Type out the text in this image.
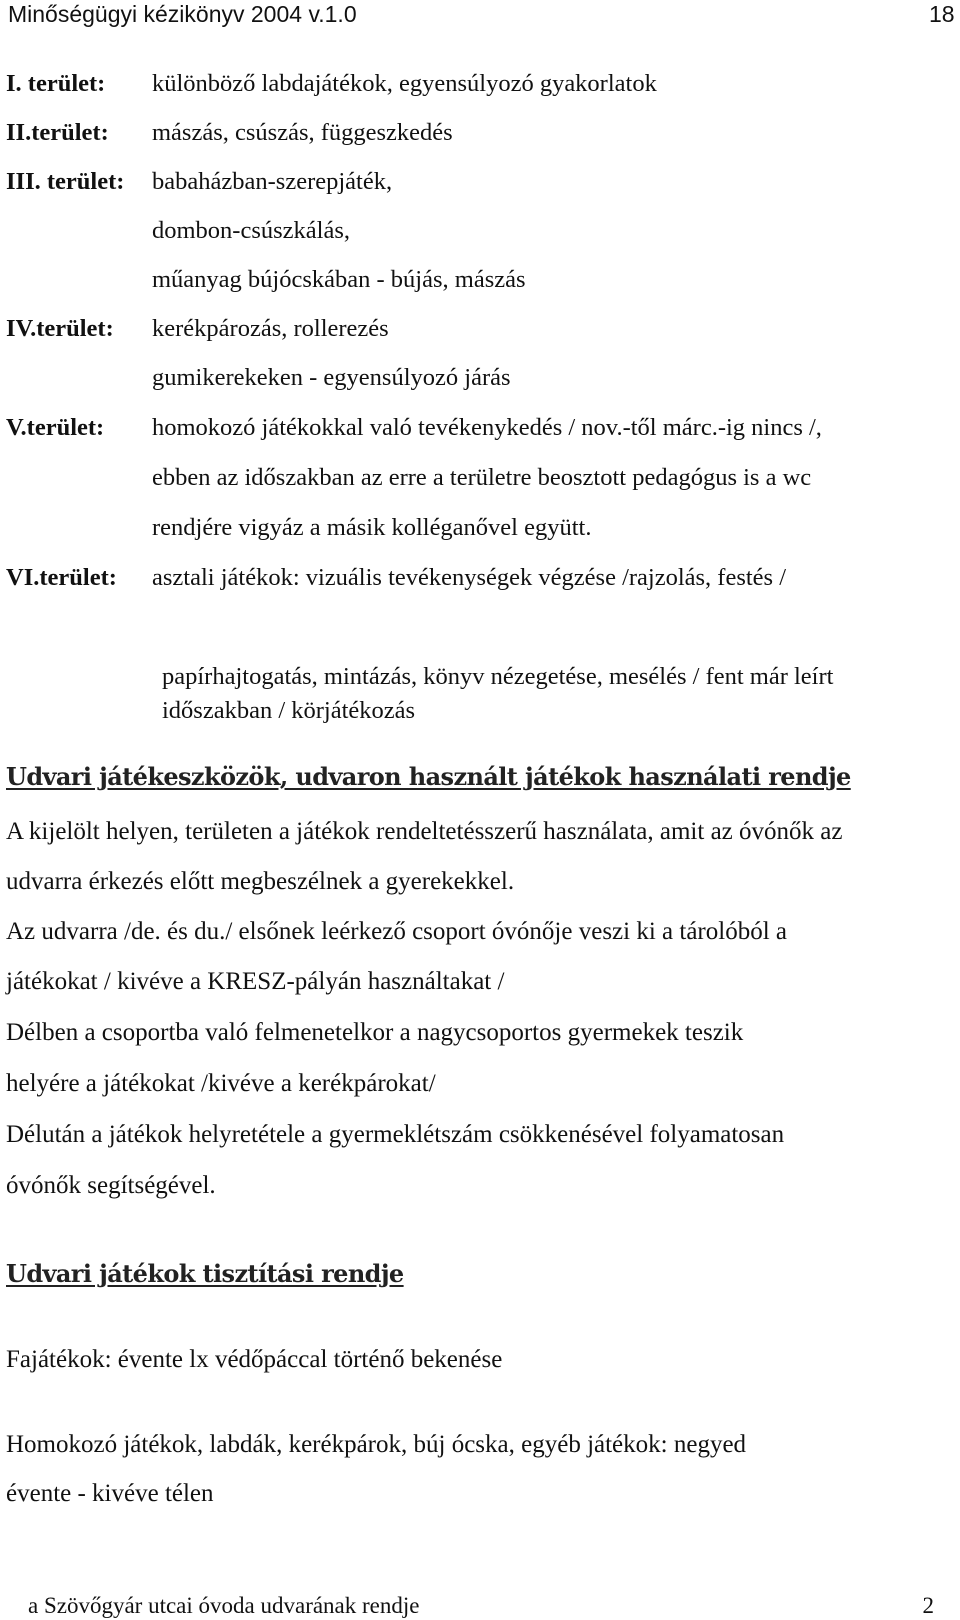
Minőségügyi kézikönyv 2004 v.1.0	18
I. terület: különböző labdajátékok, egyensúlyozó gyakorlatok
II.terület: mászás, csúszás, függeszkedés
III. terület: babaházban-szerepjáték,
dombon-csúszkálás,
műanyag bújócskában - bújás, mászás
IV.terület: kerékpározás, rollerezés
gumikerekeken - egyensúlyozó járás
V.terület: homokozó játékokkal való tevékenykedés / nov.-től márc.-ig nincs /,
ebben az időszakban az erre a területre beosztott pedagógus is a wc
rendjére vigyáz a másik kolléganővel együtt.
VI.terület: asztali játékok: vizuális tevékenységek végzése /rajzolás, festés /
papírhajtogatás, mintázás, könyv nézegetése, mesélés / fent már leírt
időszakban / körjátékozás
Udvari játékeszközök, udvaron használt játékok használati rendje
A kijelölt helyen, területen a játékok rendeltetésszerű használata, amit az óvónők az
udvarra érkezés előtt megbeszélnek a gyerekekkel.
Az udvarra /de. és du./ elsőnek leérkező csoport óvónője veszi ki a tárolóból a
játékokat / kivéve a KRESZ-pályán használtakat /
Délben a csoportba való felmenetelkor a nagycsoportos gyermekek teszik
helyére a játékokat /kivéve a kerékpárokat/
Délután a játékok helyretétele a gyermeklétszám csökkenésével folyamatosan
óvónők segítségével.
Udvari játékok tisztítási rendje
Fajátékok: évente lx védőpáccal történő bekenése
Homokozó játékok, labdák, kerékpárok, búj ócska, egyéb játékok: negyed
évente - kivéve télen
a Szövőgyár utcai óvoda udvarának rendje	2
